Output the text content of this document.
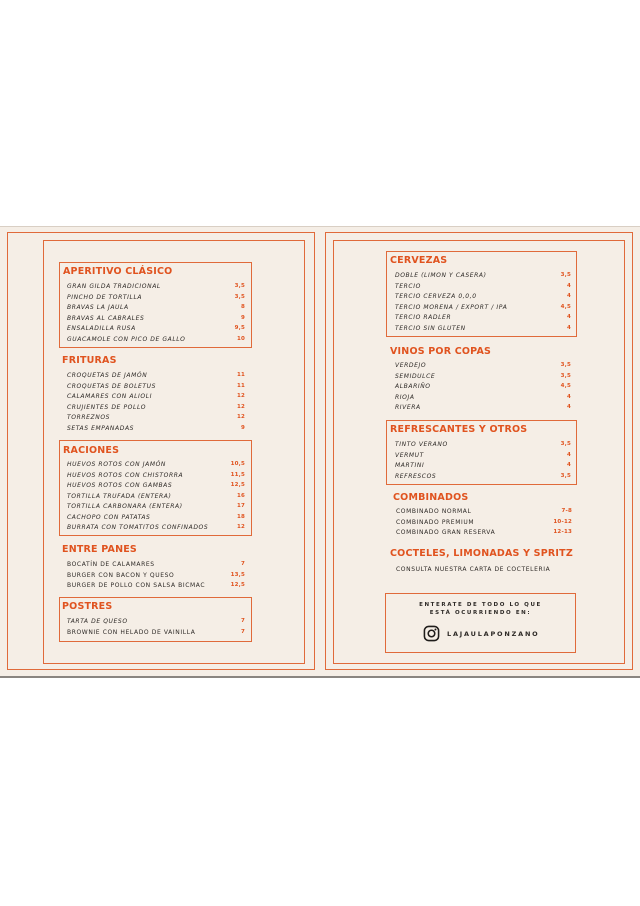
APERITIVO CLÁSICO
GRAN GILDA TRADICIONAL	3,5
PINCHO DE TORTILLA	3,5
BRAVAS LA JAULA	8
BRAVAS AL CABRALES	9
ENSALADILLA RUSA	9,5
GUACAMOLE CON PICO DE GALLO	10
FRITURAS
CROQUETAS DE JAMÓN	11
CROQUETAS DE BOLETUS	11
CALAMARES CON ALIOLI	12
CRUJIENTES DE POLLO	12
TORREZNOS	12
SETAS EMPANADAS	9
RACIONES
HUEVOS ROTOS CON JAMÓN	10,5
HUEVOS ROTOS CON CHISTORRA	11,5
HUEVOS ROTOS CON GAMBAS	12,5
TORTILLA TRUFADA (ENTERA)	16
TORTILLA CARBONARA (ENTERA)	17
CACHOPO CON PATATAS	18
BURRATA CON TOMATITOS CONFINADOS	12
ENTRE PANES
BOCATÍN DE CALAMARES	7
BURGER CON BACON Y QUESO	13,5
BURGER DE POLLO CON SALSA BICMAC	12,5
POSTRES
TARTA DE QUESO	7
BROWNIE CON HELADO DE VAINILLA	7
CERVEZAS
DOBLE (LIMON Y CASERA)	3,5
TERCIO	4
TERCIO CERVEZA 0,0,0	4
TERCIO MORENA / EXPORT / IPA	4,5
TERCIO RADLER	4
TERCIO SIN GLUTEN	4
VINOS POR COPAS
VERDEJO	3,5
SEMIDULCE	3,5
ALBARIÑO	4,5
RIOJA	4
RIVERA	4
REFRESCANTES Y OTROS
TINTO VERANO	3,5
VERMUT	4
MARTINI	4
REFRESCOS	3,5
COMBINADOS
COMBINADO NORMAL	7-8
COMBINADO PREMIUM	10-12
COMBINADO GRAN RESERVA	12-13
COCTELES, LIMONADAS Y SPRITZ
CONSULTA NUESTRA CARTA DE COCTELERIA
ENTERATE DE TODO LO QUE
ESTÁ OCURRIENDO EN:
LAJAULAPONZANO
